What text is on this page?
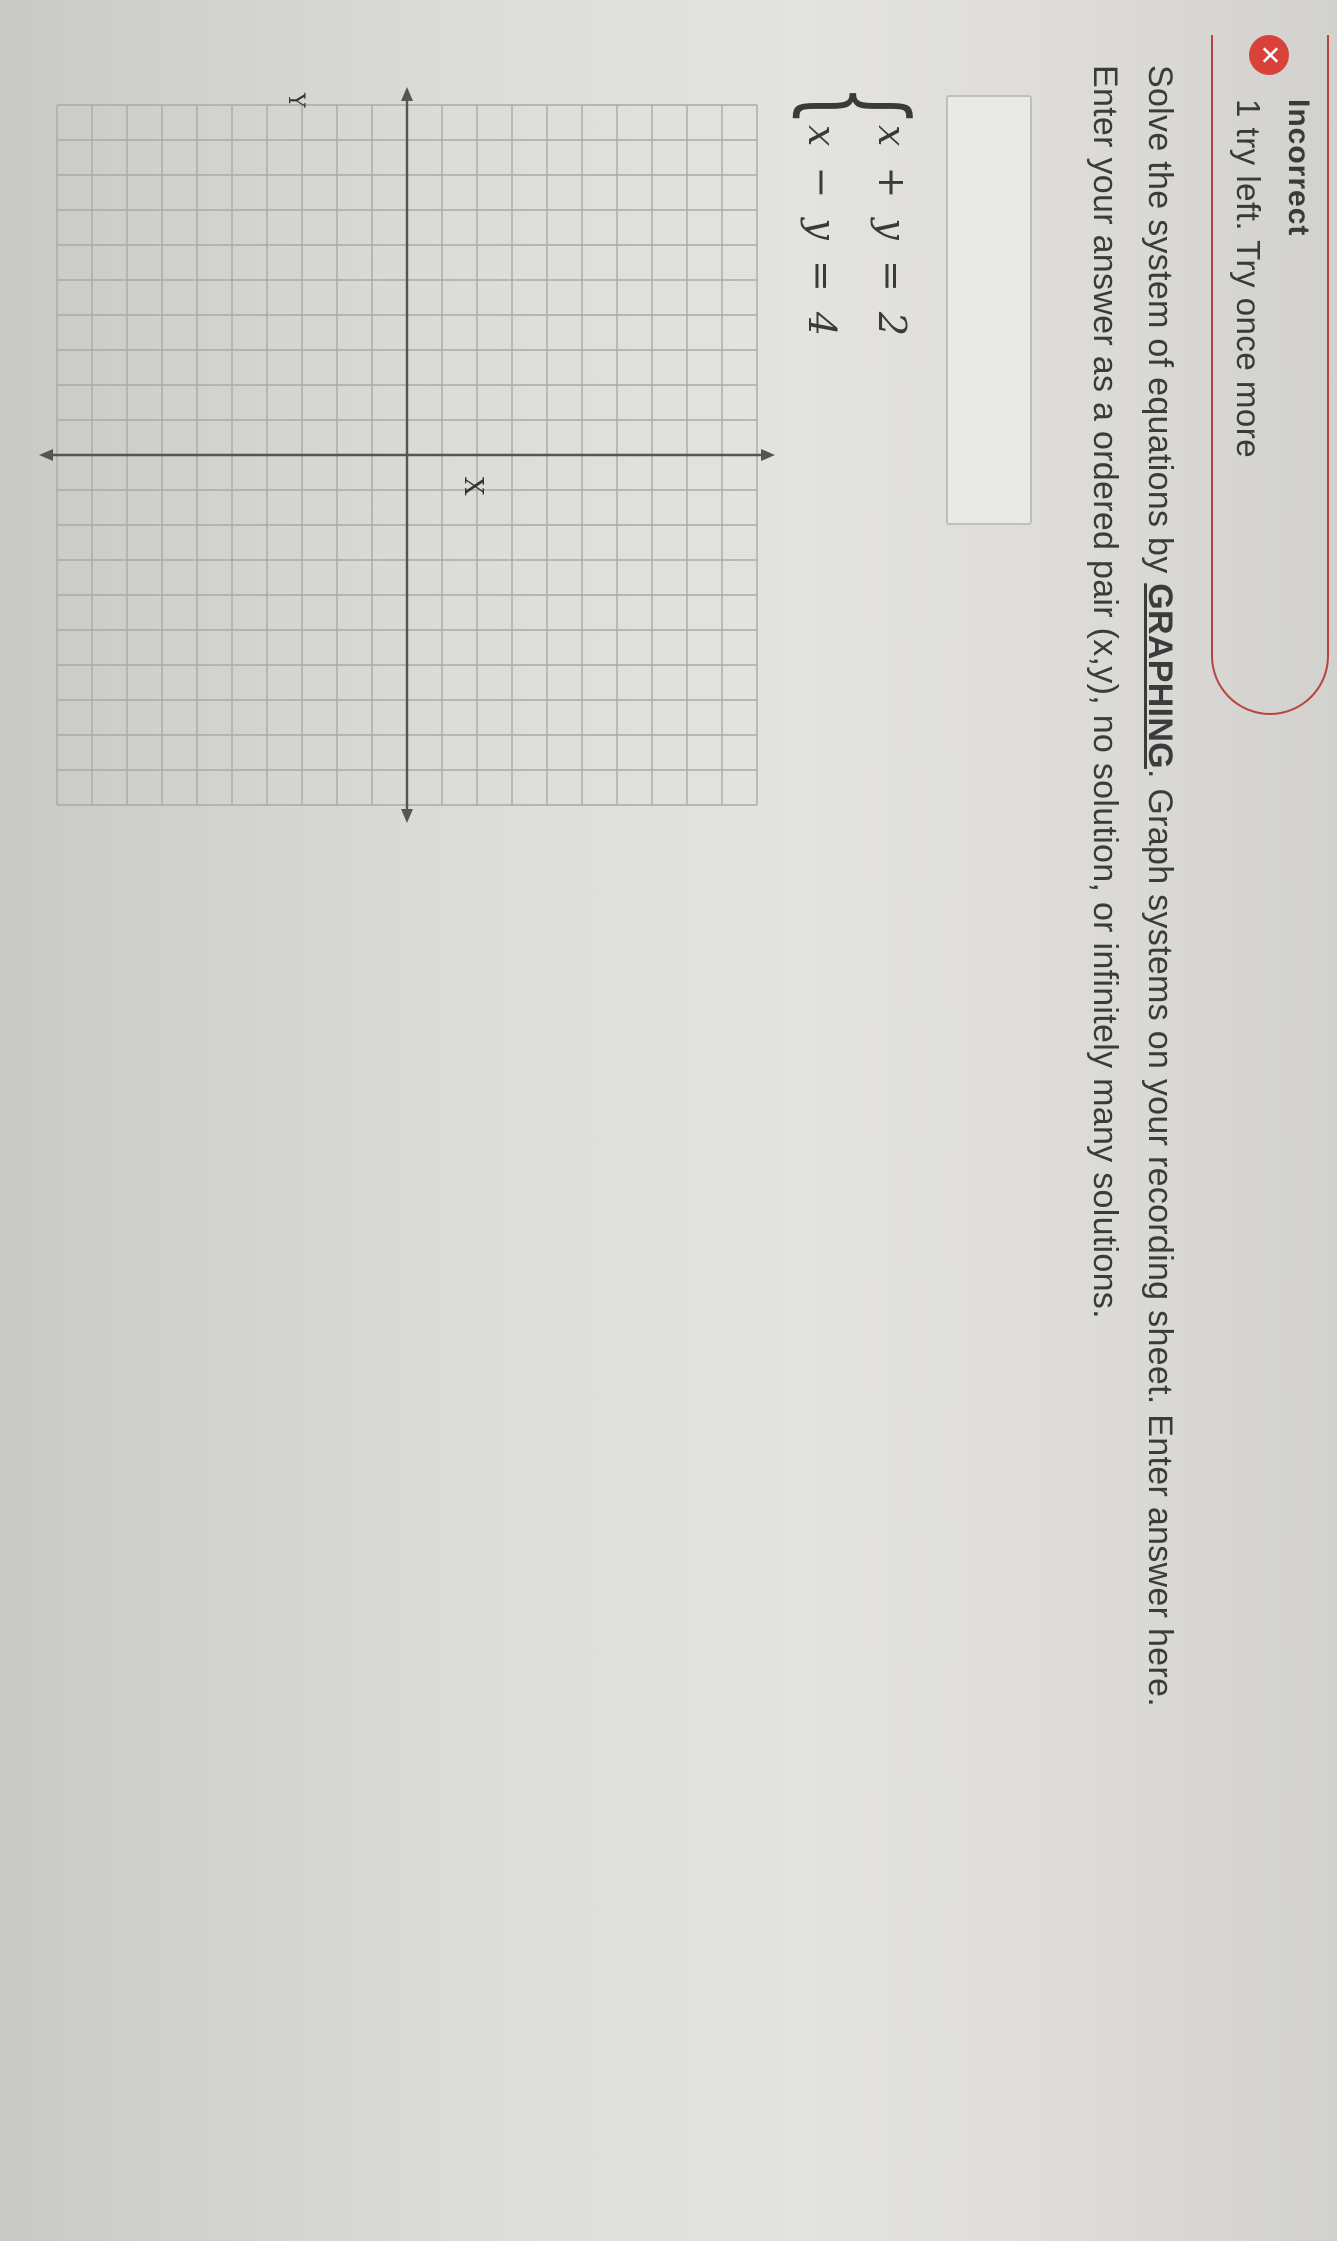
✕
Incorrect
1 try left. Try once more
Solve the system of equations by GRAPHING. Graph systems on your recording sheet. Enter answer here.
Enter your answer as a ordered pair (x,y), no solution, or infinitely many solutions.
{
x + y = 2
x − y = 4
X
Y
